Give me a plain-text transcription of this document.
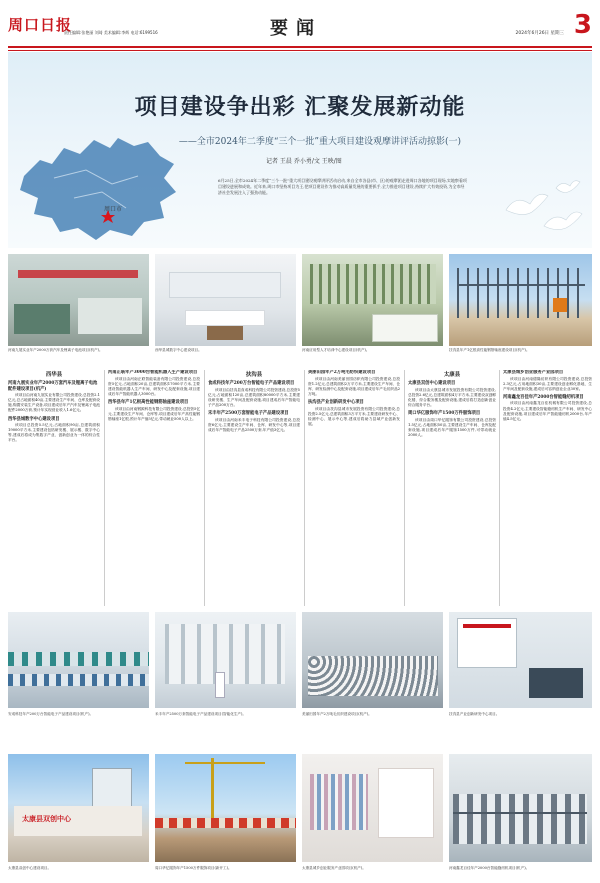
周口日报
责任编辑:张艳丽 刘琦 美术编辑:李辉 电话:6199516	要闻	2024年6月26日 星期三 3
周口市
项目建设争出彩 汇聚发展新动能
——全市2024年二季度“三个一批”重大项目建设观摩讲评活动掠影(一)
记者 王晨 乔小勇/文 王映/图
6月25日,全市2024年二季度“三个一批”重大项目建设观摩讲评活动启动,来自全市各县(市、区)的观摩团走进周口各地的项目现场,实地察看项目建设进展和成效。近年来,周口市坚持项目为王,把项目建设作为推动高质量发展的重要抓手,全力推进项目建设,持续扩大有效投资,为全市经济社会发展注入了强劲动能。
河南九展实业年产2000万套汽车及锂离子电池项目(机产)。	西华县城数字中心建设项目。	河南应用型人才培训中心建设项目(机产)。	扶沟县年产1亿根高性能钢筋轴座建设项目(机产)。
西华县
河南九展实业年产2000万套汽车及锂离子电池配件建设项目(机产)

该项目由河南九展实业有限公司投资建设,总投资2.1亿元,总占地面积40亩,主要建设生产车间、仓库及配套设施,购置安装生产设备,项目建成后年产汽车及锂离子电池配件2000万套,预计年实现营业收入1.6亿元。

西华县城数字中心建设项目

该项目总投资5.5亿元,占地面积90亩,总建筑面积19000平方米,主要建设包括研发楼、展示楼、数字中心等,建成后将成为集数字产业、创新创业为一体的综合性平台。

河南正联年产3000台智能机器人生产建设项目

该项目由河南正联智能装备有限公司投资建设,总投资5亿元,占地面积20亩,总建筑面积17000平方米,主要建设智能机器人生产车间、研发中心及配套设施,项目建成后年产智能机器人3000台。

西华县年产1亿根高性能钢筋轴座建设项目

该项目由河南钢源科技有限公司投资建设,总投资5亿元,主要建设生产车间、仓库等,项目建成后年产高性能钢筋轴座1亿根,预计年产值5亿元,带动就业500人以上。

扶沟县
食成科技年产200万台智能电子产品建设项目

该项目由扶沟县食成科技有限公司投资建设,总投资5亿元,占地面积120亩,总建筑面积80000平方米,主要建设研发楼、生产车间及配套设施,项目建成后年产智能电子产品200万台。

禾丰年产2500万套智能电子产品建设项目

该项目由河南禾丰电子科技有限公司投资建设,总投资6亿元,主要建设生产车间、仓库、研发中心等,项目建成后年产智能电子产品2500万套,年产值3亿元。

美丽田园年产2万吨毛纺织建设项目

该项目由河南美丽田园纺织有限公司投资建设,总投资1.2亿元,总建筑面积2万平方米,主要建设生产车间、仓库、研发检测中心及配套设施,项目建成后年产毛纺织品2万吨。

扶沟县产业创新研发中心项目

该项目由扶沟县城市发展投资有限公司投资建设,总投资2.5亿元,总建筑面积3万平方米,主要建设研发中心、检测中心、展示中心等,建成后将助力县域产业创新发展。

太康县
太康县双创中心建设项目

该项目由太康县城市发展投资有限公司投资建设,总投资2.6亿元,总建筑面积4万平方米,主要建设双创孵化楼、综合服务楼及配套设施,建成后将打造创新创业综合服务平台。

周口华亿服饰年产1500万件服饰项目

该项目由周口华亿服饰有限公司投资建设,总投资1.5亿元,占地面积50亩,主要建设生产车间、仓库及配套设施,项目建成后年产服饰1500万件,可带动就业2000人。

太康县城乡创业服务产业园项目

该项目由河南德隆纺织有限公司投资建设,总投资2.3亿元,占用地面积30亩,主要建设创业孵化基地、生产车间及配套设施,建成后可容纳创业企业30家。

河南鑫龙百佳年产2000台智能缝纫机项目

该项目由河南鑫龙百佳机械有限公司投资建设,总投资4.2亿元,主要建设智能缝纫机生产车间、研发中心及配套设施,项目建成后年产智能缝纫机2000台,年产值4.5亿元。

安成科技年产200万台智能电子产品建设项目(机产)。	禾丰年产2500万套智能电子产品建设项目(智能化生产)。	美丽田园年产2万吨毛纺织建设项目(机产)。	扶沟县产业创新研发中心项目。
太康县双创中心
太康县双创中心建设项目。	周口华亿服饰年产1500万件服饰项目(新开工)。	太康县城乡创业服务产业园项目(机产)。	河南鑫龙百佳年产2000台智能缝纫机项目(机产)。
